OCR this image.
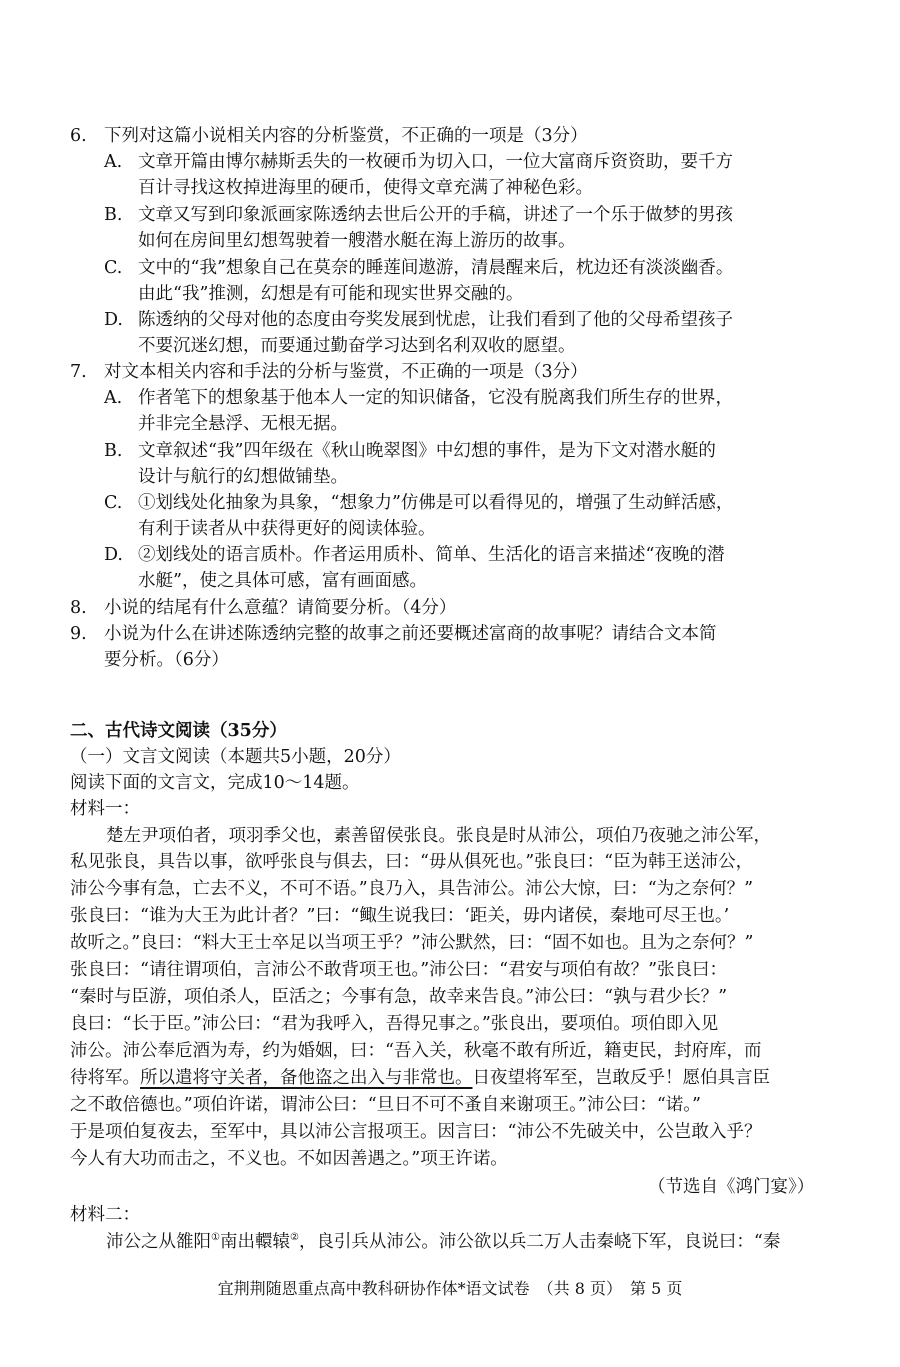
6. 下列对这篇小说相关内容的分析鉴赏，不正确的一项是（3分）
A. 文章开篇由博尔赫斯丢失的一枚硬币为切入口，一位大富商斥资资助，要千方
百计寻找这枚掉进海里的硬币，使得文章充满了神秘色彩。
B. 文章又写到印象派画家陈透纳去世后公开的手稿，讲述了一个乐于做梦的男孩
如何在房间里幻想驾驶着一艘潜水艇在海上游历的故事。
C. 文中的“我”想象自己在莫奈的睡莲间遨游，清晨醒来后，枕边还有淡淡幽香。
由此“我”推测，幻想是有可能和现实世界交融的。
D. 陈透纳的父母对他的态度由夸奖发展到忧虑，让我们看到了他的父母希望孩子
不要沉迷幻想，而要通过勤奋学习达到名利双收的愿望。
7. 对文本相关内容和手法的分析与鉴赏，不正确的一项是（3分）
A. 作者笔下的想象基于他本人一定的知识储备，它没有脱离我们所生存的世界，
并非完全悬浮、无根无据。
B. 文章叙述“我”四年级在《秋山晚翠图》中幻想的事件，是为下文对潜水艇的
设计与航行的幻想做铺垫。
C. ①划线处化抽象为具象，“想象力”仿佛是可以看得见的，增强了生动鲜活感，
有利于读者从中获得更好的阅读体验。
D. ②划线处的语言质朴。作者运用质朴、简单、生活化的语言来描述“夜晚的潜
水艇”，使之具体可感，富有画面感。
8. 小说的结尾有什么意蕴？请简要分析。（4分）
9. 小说为什么在讲述陈透纳完整的故事之前还要概述富商的故事呢？请结合文本简
要分析。（6分）
二、古代诗文阅读（35分）
（一）文言文阅读（本题共5小题，20分）
阅读下面的文言文，完成10～14题。
材料一：
楚左尹项伯者，项羽季父也，素善留侯张良。张良是时从沛公，项伯乃夜驰之沛公军，
私见张良，具告以事，欲呼张良与俱去，曰：“毋从俱死也。”张良曰：“臣为韩王送沛公，
沛公今事有急，亡去不义，不可不语。”良乃入，具告沛公。沛公大惊，曰：“为之奈何？”
张良曰：“谁为大王为此计者？”曰：“鲰生说我曰：‘距关，毋内诸侯，秦地可尽王也。’
故听之。”良曰：“料大王士卒足以当项王乎？”沛公默然，曰：“固不如也。且为之奈何？”
张良曰：“请往谓项伯，言沛公不敢背项王也。”沛公曰：“君安与项伯有故？”张良曰：
“秦时与臣游，项伯杀人，臣活之；今事有急，故幸来告良。”沛公曰：“孰与君少长？”
良曰：“长于臣。”沛公曰：“君为我呼入，吾得兄事之。”张良出，要项伯。项伯即入见
沛公。沛公奉卮酒为寿，约为婚姻，曰：“吾入关，秋毫不敢有所近，籍吏民，封府库，而
待将军。所以遣将守关者，备他盗之出入与非常也。日夜望将军至，岂敢反乎！愿伯具言臣
之不敢倍德也。”项伯许诺，谓沛公曰：“旦日不可不蚤自来谢项王。”沛公曰：“诺。”
于是项伯复夜去，至军中，具以沛公言报项王。因言曰：“沛公不先破关中，公岂敢入乎？
今人有大功而击之，不义也。不如因善遇之。”项王许诺。
（节选自《鸿门宴》）
材料二：
沛公之从雒阳①南出轘辕②，良引兵从沛公。沛公欲以兵二万人击秦峣下军，良说曰：“秦
宜荆荆随恩重点高中教科研协作体*语文试卷　（共 8 页）　第 5 页
